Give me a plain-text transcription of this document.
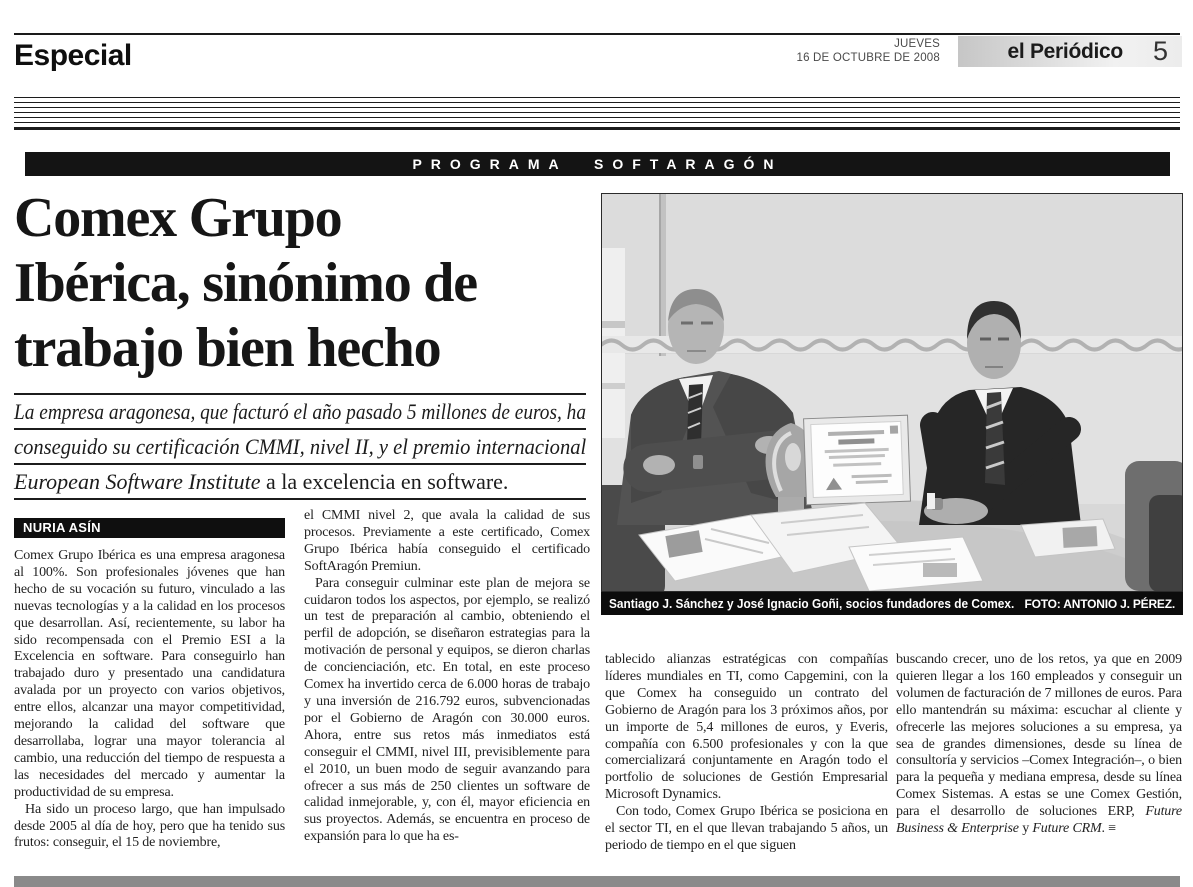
Especial	JUEVES
16 DE OCTUBRE DE 2008	el Periódico 5
PROGRAMA SOFTARAGÓN
Comex Grupo
Ibérica, sinónimo de
trabajo bien hecho
La empresa aragonesa, que facturó el año pasado 5 millones de euros, ha
conseguido su certificación CMMI, nivel II, y el premio internacional
European Software Institute a la excelencia en software.
NURIA ASÍN

Comex Grupo Ibérica es una empresa aragonesa al 100%. Son profesionales jóvenes que han hecho de su vocación su futuro, vinculado a las nuevas tecnologías y a la calidad en los procesos que desarrollan. Así, recientemente, su labor ha sido recompensada con el Premio ESI a la Excelencia en software. Para conseguirlo han trabajado duro y presentado una candidatura avalada por un proyecto con varios objetivos, entre ellos, alcanzar una mayor competitividad, mejorando la calidad del software que desarrollaba, lograr una mayor tolerancia al cambio, una reducción del tiempo de respuesta a las necesidades del mercado y aumentar la productividad de su empresa.

Ha sido un proceso largo, que han impulsado desde 2005 al día de hoy, pero que ha tenido sus frutos: conseguir, el 15 de noviembre,

el CMMI nivel 2, que avala la calidad de sus procesos. Previamente a este certificado, Comex Grupo Ibérica había conseguido el certificado SoftAragón Premiun.

Para conseguir culminar este plan de mejora se cuidaron todos los aspectos, por ejemplo, se realizó un test de preparación al cambio, obteniendo el perfil de adopción, se diseñaron estrategias para la motivación de personal y equipos, se dieron charlas de concienciación, etc. En total, en este proceso Comex ha invertido cerca de 6.000 horas de trabajo y una inversión de 216.792 euros, subvencionadas por el Gobierno de Aragón con 30.000 euros. Ahora, entre sus retos más inmediatos está conseguir el CMMI, nivel III, previsiblemente para el 2010, un buen modo de seguir avanzando para ofrecer a sus más de 250 clientes un software de calidad inmejorable, y, con él, mayor eficiencia en sus proyectos. Además, se encuentra en proceso de expansión para lo que ha es-

Santiago J. Sánchez y José Ignacio Goñi, socios fundadores de Comex. FOTO: ANTONIO J. PÉREZ.

tablecido alianzas estratégicas con compañías líderes mundiales en TI, como Capgemini, con la que Comex ha conseguido un contrato del Gobierno de Aragón para los 3 próximos años, por un importe de 5,4 millones de euros, y Everis, compañía con 6.500 profesionales y con la que comercializará conjuntamente en Aragón todo el portfolio de soluciones de Gestión Empresarial Microsoft Dynamics.

Con todo, Comex Grupo Ibérica se posiciona en el sector TI, en el que llevan trabajando 5 años, un periodo de tiempo en el que siguen

buscando crecer, uno de los retos, ya que en 2009 quieren llegar a los 160 empleados y conseguir un volumen de facturación de 7 millones de euros. Para ello mantendrán su máxima: escuchar al cliente y ofrecerle las mejores soluciones a su empresa, ya sea de grandes dimensiones, desde su línea de consultoría y servicios –Comex Integración–, o bien para la pequeña y mediana empresa, desde su línea Comex Sistemas. A estas se une Comex Gestión, para el desarrollo de soluciones ERP, Future Business & Enterprise y Future CRM. ≡
